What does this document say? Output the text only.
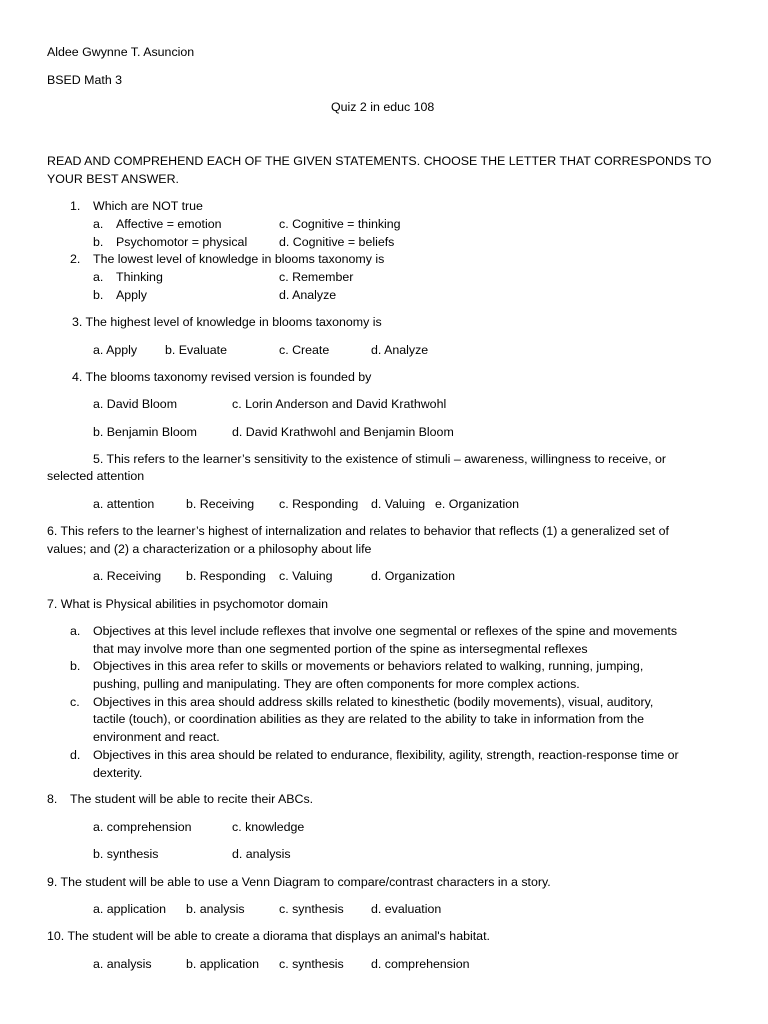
Aldee Gwynne T. Asuncion
BSED Math 3
Quiz 2 in educ 108
READ AND COMPREHEND EACH OF THE GIVEN STATEMENTS. CHOOSE THE LETTER THAT CORRESPONDS TO YOUR BEST ANSWER.
1. Which are NOT true
a. Affective = emotion	c. Cognitive = thinking
b. Psychomotor = physical	d. Cognitive = beliefs
2. The lowest level of knowledge in blooms taxonomy is
a. Thinking	c. Remember
b. Apply	d. Analyze
3. The highest level of knowledge in blooms taxonomy is
a. Apply b. Evaluate	c. Create	d. Analyze
4. The blooms taxonomy revised version is founded by
a. David Bloom	c. Lorin Anderson and David Krathwohl
b. Benjamin Bloom	d. David Krathwohl and Benjamin Bloom
5. This refers to the learner’s sensitivity to the existence of stimuli – awareness, willingness to receive, or
selected attention
a. attention	b. Receiving c. Responding d. Valuing e. Organization
6. This refers to the learner’s highest of internalization and relates to behavior that reflects (1) a generalized set of
values; and (2) a characterization or a philosophy about life
a. Receiving b. Responding c. Valuing	d. Organization
7. What is Physical abilities in psychomotor domain
a. Objectives at this level include reflexes that involve one segmental or reflexes of the spine and movements
that may involve more than one segmented portion of the spine as intersegmental reflexes
b. Objectives in this area refer to skills or movements or behaviors related to walking, running, jumping,
pushing, pulling and manipulating. They are often components for more complex actions.
c. Objectives in this area should address skills related to kinesthetic (bodily movements), visual, auditory,
tactile (touch), or coordination abilities as they are related to the ability to take in information from the
environment and react.
d. Objectives in this area should be related to endurance, flexibility, agility, strength, reaction-response time or
dexterity.
8. The student will be able to recite their ABCs.
a. comprehension	c. knowledge
b. synthesis	d. analysis
9. The student will be able to use a Venn Diagram to compare/contrast characters in a story.
a. application b. analysis	c. synthesis d. evaluation
10. The student will be able to create a diorama that displays an animal's habitat.
a. analysis	b. application c. synthesis d. comprehension
